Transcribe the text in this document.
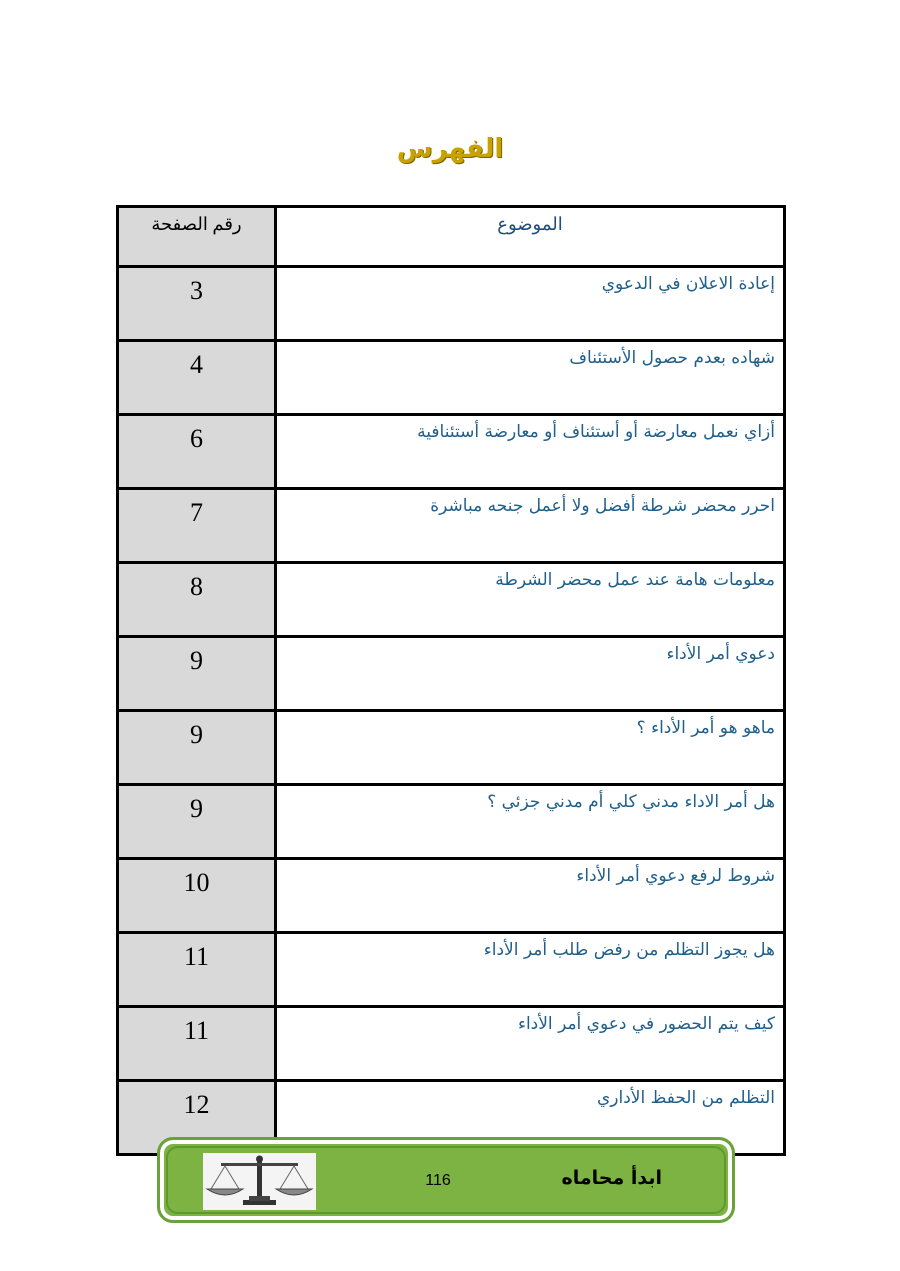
الفهرس
رقم الصفحة	الموضوع
3	إعادة الاعلان في الدعوي
4	شهاده بعدم حصول الأستئناف
6	أزاي نعمل معارضة أو أستئناف أو معارضة أستئنافية
7	احرر محضر شرطة أفضل ولا أعمل جنحه مباشرة
8	معلومات هامة عند عمل محضر الشرطة
9	دعوي أمر الأداء
9	ماهو هو أمر الأداء ؟
9	هل أمر الاداء مدني كلي أم مدني جزئي ؟
10	شروط لرفع دعوي أمر الأداء
11	هل يجوز التظلم من رفض طلب أمر الأداء
11	كيف يتم الحضور في دعوي أمر الأداء
12	التظلم من الحفظ الأداري
116	ابدأ محاماه
